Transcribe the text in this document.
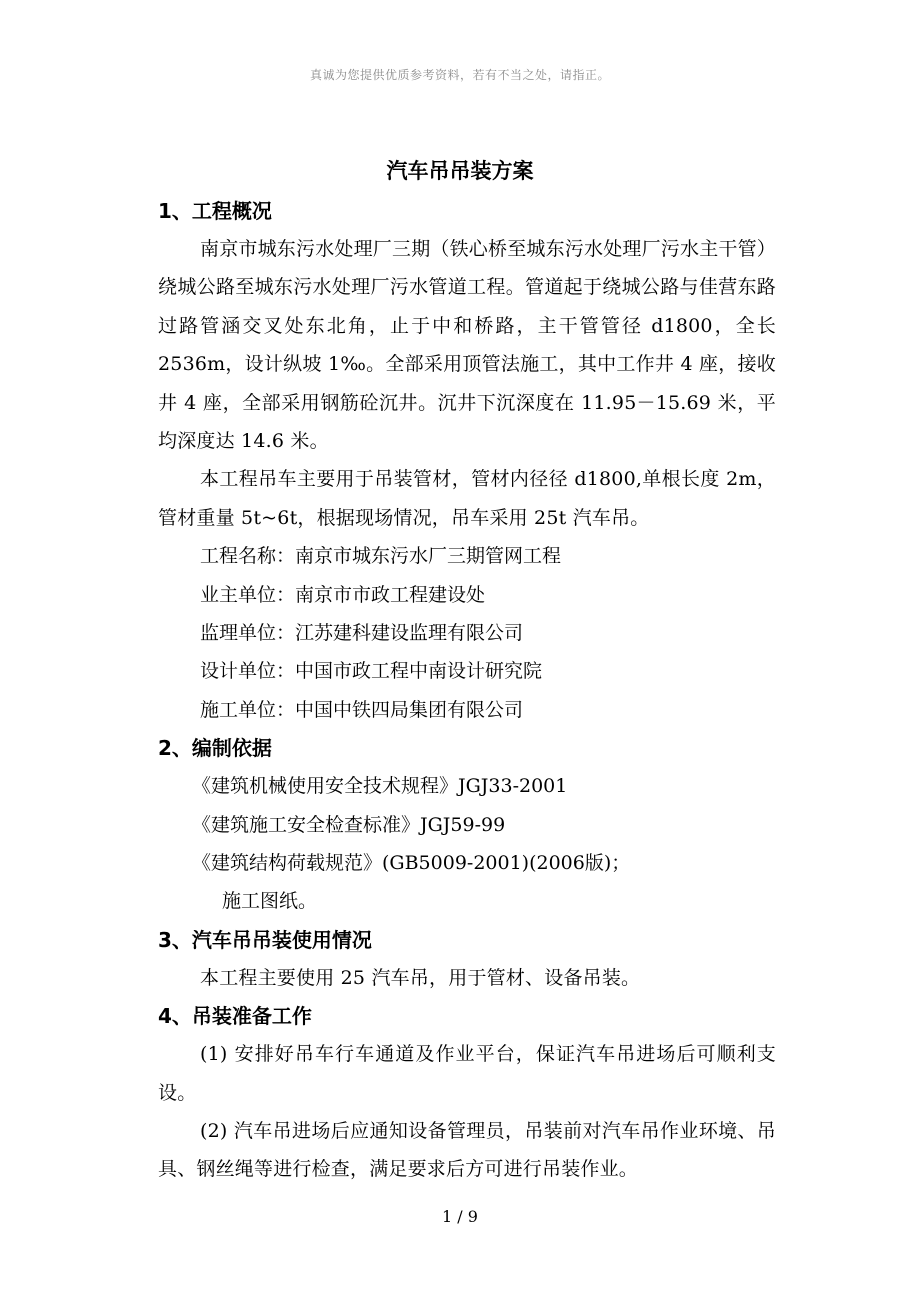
真诚为您提供优质参考资料，若有不当之处，请指正。
汽车吊吊装方案
1、工程概况

南京市城东污水处理厂三期（铁心桥至城东污水处理厂污水主干管）绕城公路至城东污水处理厂污水管道工程。管道起于绕城公路与佳营东路过路管涵交叉处东北角，止于中和桥路，主干管管径 d1800，全长 2536m，设计纵坡 1‰。全部采用顶管法施工，其中工作井 4 座，接收井 4 座，全部采用钢筋砼沉井。沉井下沉深度在 11.95－15.69 米，平均深度达 14.6 米。

本工程吊车主要用于吊装管材，管材内径径 d1800,单根长度 2m，管材重量 5t~6t，根据现场情况，吊车采用 25t 汽车吊。

工程名称：南京市城东污水厂三期管网工程
业主单位：南京市市政工程建设处
监理单位：江苏建科建设监理有限公司
设计单位：中国市政工程中南设计研究院
施工单位：中国中铁四局集团有限公司
2、编制依据
《建筑机械使用安全技术规程》JGJ33-2001
《建筑施工安全检查标准》JGJ59-99
《建筑结构荷载规范》(GB5009-2001)(2006版)；
施工图纸。
3、汽车吊吊装使用情况

本工程主要使用 25 汽车吊，用于管材、设备吊装。

4、吊装准备工作

(1) 安排好吊车行车通道及作业平台，保证汽车吊进场后可顺利支设。

(2) 汽车吊进场后应通知设备管理员，吊装前对汽车吊作业环境、吊具、钢丝绳等进行检查，满足要求后方可进行吊装作业。

1 / 9
